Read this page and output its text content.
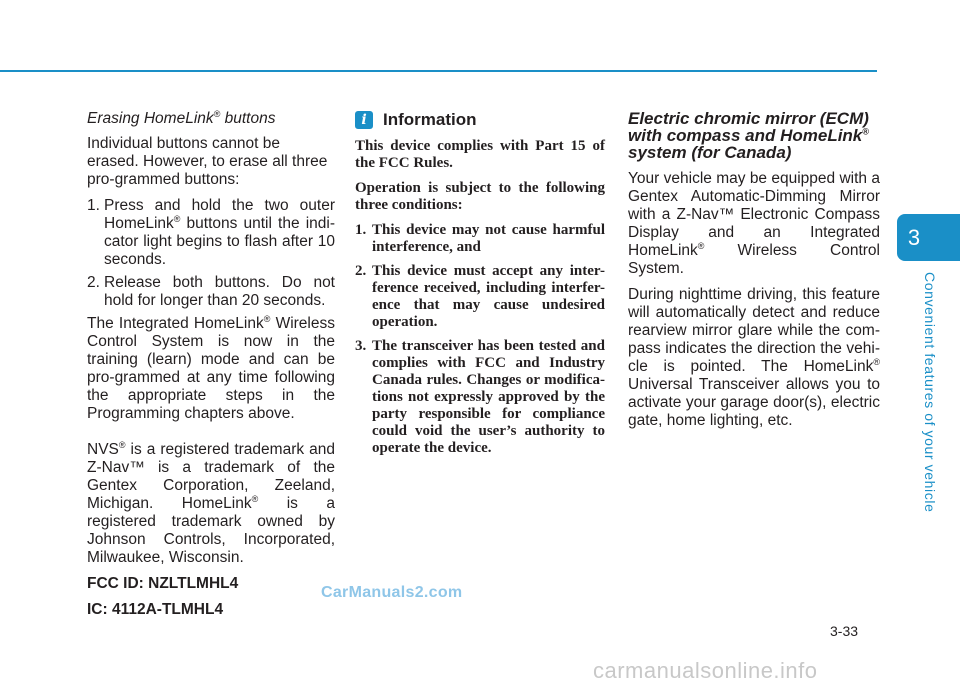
3
Convenient features of your vehicle
Erasing HomeLink® buttons

Individual buttons cannot be erased. However, to erase all three pro-grammed buttons:

1. Press and hold the two outer HomeLink® buttons until the indi-cator light begins to flash after 10 seconds.
2. Release both buttons. Do not hold for longer than 20 seconds.

The Integrated HomeLink® Wireless Control System is now in the training (learn) mode and can be pro-grammed at any time following the appropriate steps in the Programming chapters above.

NVS® is a registered trademark and Z-Nav™ is a trademark of the Gentex Corporation, Zeeland, Michigan. HomeLink® is a registered trademark owned by Johnson Controls, Incorporated, Milwaukee, Wisconsin.

FCC ID: NZLTLMHL4

IC: 4112A-TLMHL4

i Information

This device complies with Part 15 of the FCC Rules.

Operation is subject to the following three conditions:

1. This device may not cause harmful interference, and
2. This device must accept any inter-ference received, including interfer-ence that may cause undesired operation.
3. The transceiver has been tested and complies with FCC and Industry Canada rules. Changes or modifica-tions not expressly approved by the party responsible for compliance could void the user’s authority to operate the device.
Electric chromic mirror (ECM) with compass and HomeLink® system (for Canada)

Your vehicle may be equipped with a Gentex Automatic-Dimming Mirror with a Z-Nav™ Electronic Compass Display and an Integrated HomeLink® Wireless Control System.

During nighttime driving, this feature will automatically detect and reduce rearview mirror glare while the com-pass indicates the direction the vehi-cle is pointed. The HomeLink® Universal Transceiver allows you to activate your garage door(s), electric gate, home lighting, etc.

3-33
CarManuals2.com
carmanualsonline.info
